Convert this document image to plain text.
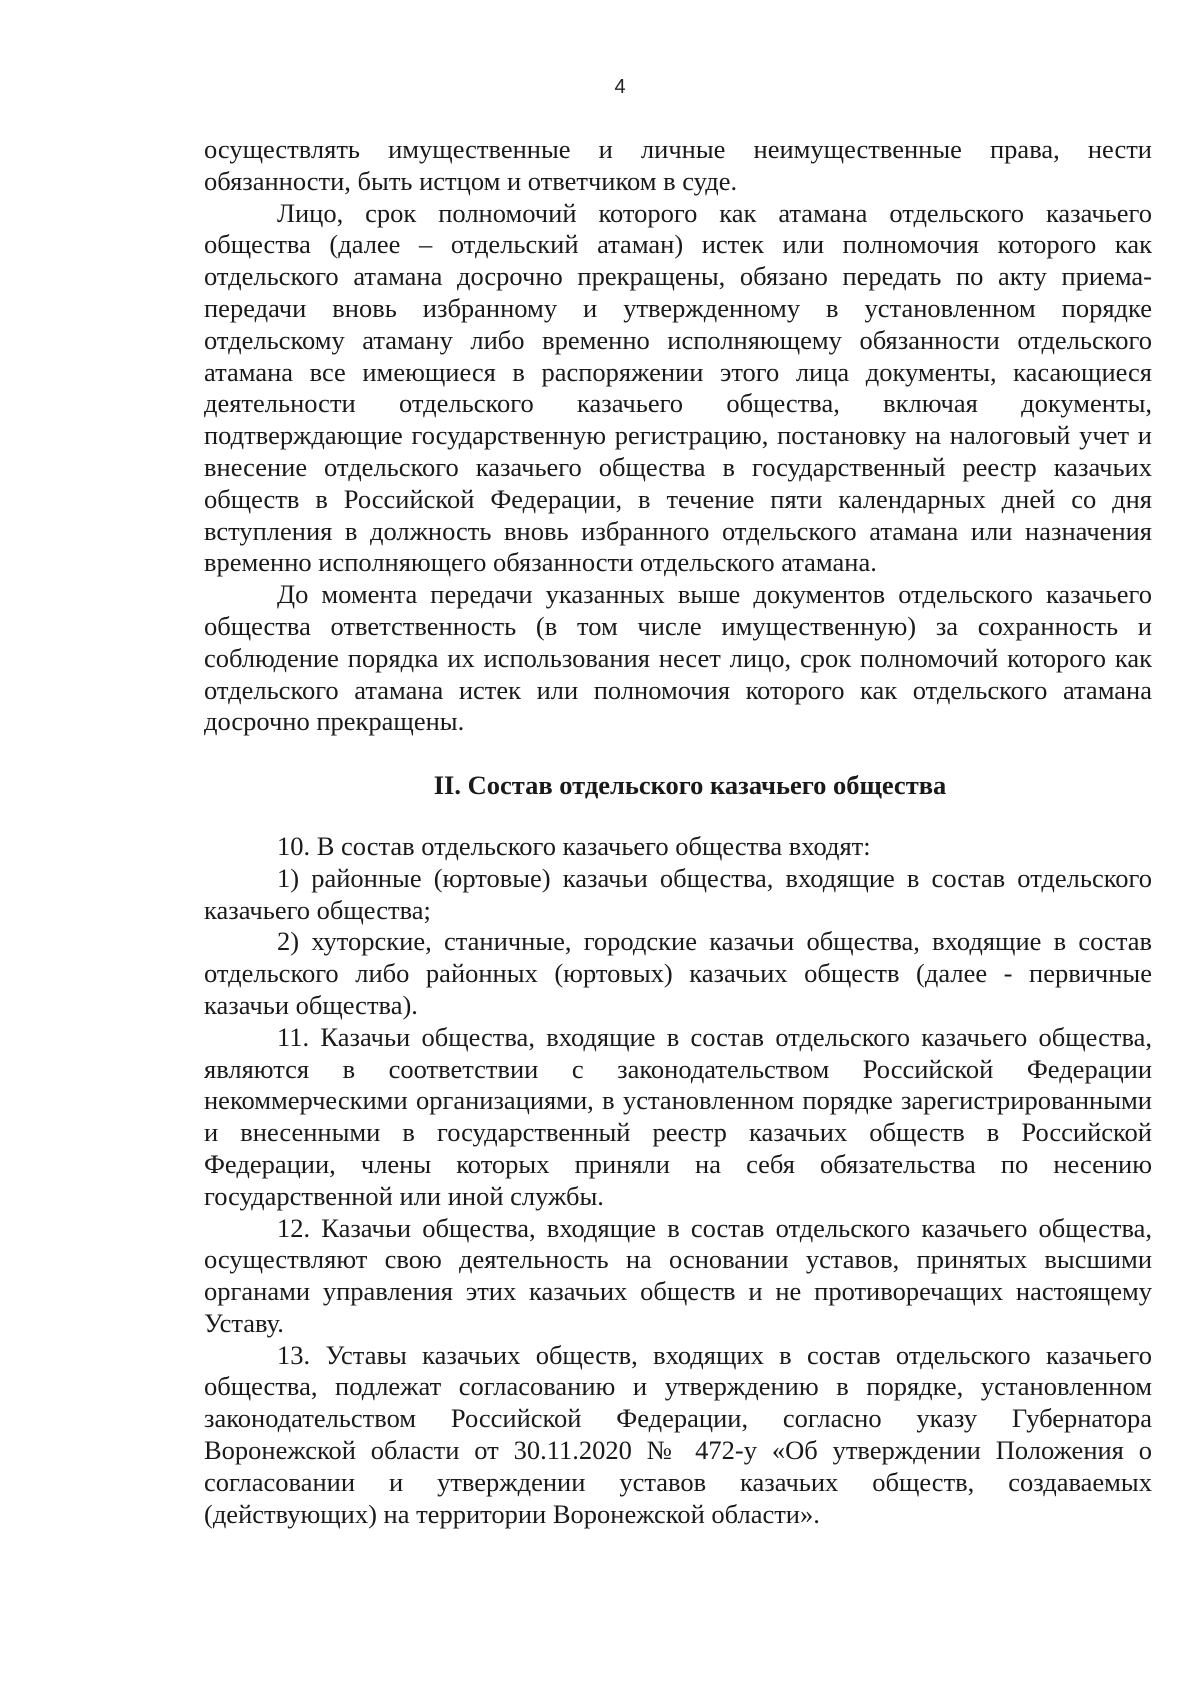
4

осуществлять имущественные и личные неимущественные права, нести обязанности, быть истцом и ответчиком в суде.

Лицо, срок полномочий которого как атамана отдельского казачьего общества (далее – отдельский атаман) истек или полномочия которого как отдельского атамана досрочно прекращены, обязано передать по акту приема-передачи вновь избранному и утвержденному в установленном порядке отдельскому атаману либо временно исполняющему обязанности отдельского атамана все имеющиеся в распоряжении этого лица документы, касающиеся деятельности отдельского казачьего общества, включая документы, подтверждающие государственную регистрацию, постановку на налоговый учет и внесение отдельского казачьего общества в государственный реестр казачьих обществ в Российской Федерации, в течение пяти календарных дней со дня вступления в должность вновь избранного отдельского атамана или назначения временно исполняющего обязанности отдельского атамана.

До момента передачи указанных выше документов отдельского казачьего общества ответственность (в том числе имущественную) за сохранность и соблюдение порядка их использования несет лицо, срок полномочий которого как отдельского атамана истек или полномочия которого как отдельского атамана досрочно прекращены.

II. Состав отдельского казачьего общества

10. В состав отдельского казачьего общества входят:

1) районные (юртовые) казачьи общества, входящие в состав отдельского казачьего общества;

2) хуторские, станичные, городские казачьи общества, входящие в состав отдельского либо районных (юртовых) казачьих обществ (далее - первичные казачьи общества).

11. Казачьи общества, входящие в состав отдельского казачьего общества, являются в соответствии с законодательством Российской Федерации некоммерческими организациями, в установленном порядке зарегистрированными и внесенными в государственный реестр казачьих обществ в Российской Федерации, члены которых приняли на себя обязательства по несению государственной или иной службы.

12. Казачьи общества, входящие в состав отдельского казачьего общества, осуществляют свою деятельность на основании уставов, принятых высшими органами управления этих казачьих обществ и не противоречащих настоящему Уставу.

13. Уставы казачьих обществ, входящих в состав отдельского казачьего общества, подлежат согласованию и утверждению в порядке, установленном законодательством Российской Федерации, согласно указу Губернатора Воронежской области от 30.11.2020 № 472-у «Об утверждении Положения о согласовании и утверждении уставов казачьих обществ, создаваемых (действующих) на территории Воронежской области».
